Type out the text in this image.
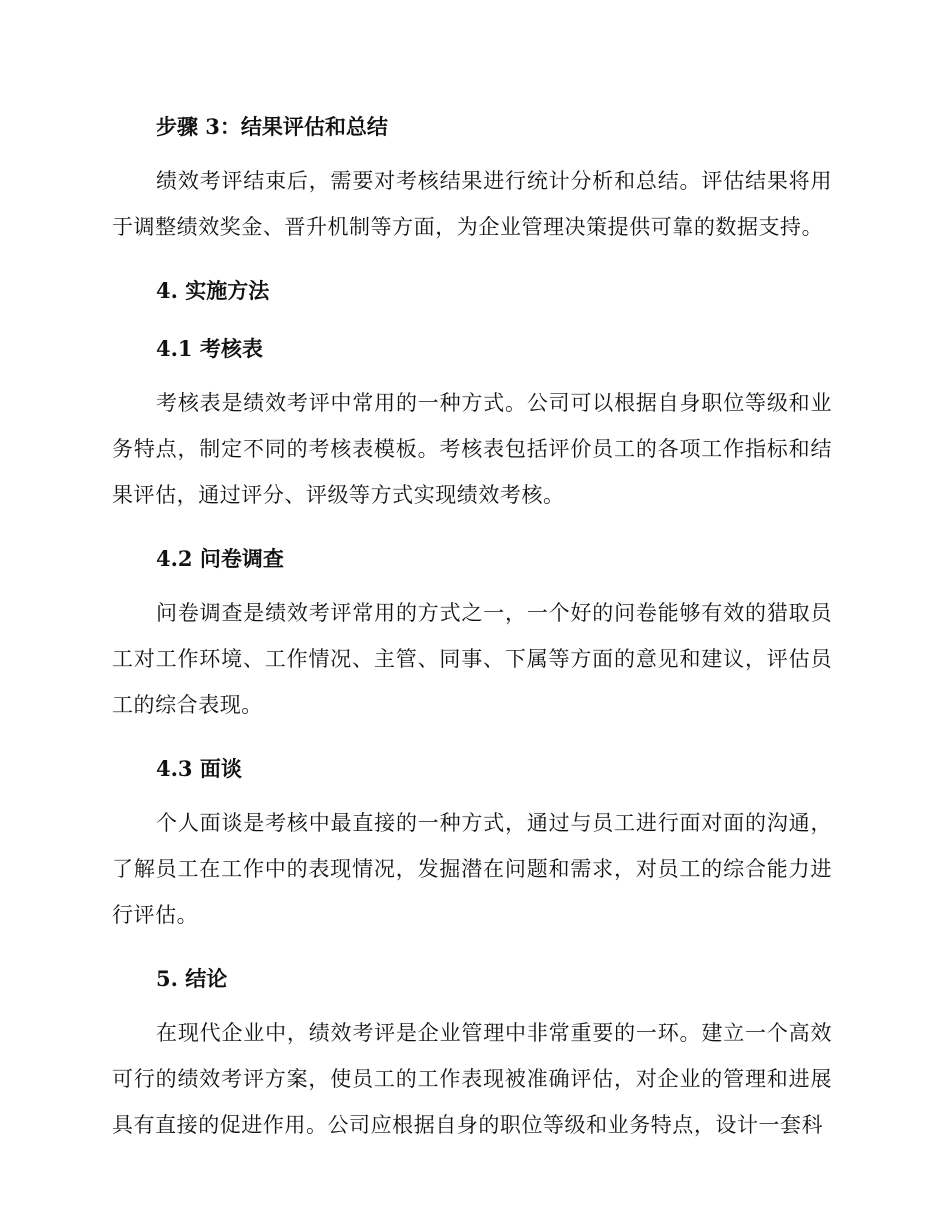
步骤 3：结果评估和总结

绩效考评结束后，需要对考核结果进行统计分析和总结。评估结果将用于调整绩效奖金、晋升机制等方面，为企业管理决策提供可靠的数据支持。

4. 实施方法

4.1 考核表

考核表是绩效考评中常用的一种方式。公司可以根据自身职位等级和业务特点，制定不同的考核表模板。考核表包括评价员工的各项工作指标和结果评估，通过评分、评级等方式实现绩效考核。

4.2 问卷调查

问卷调查是绩效考评常用的方式之一，一个好的问卷能够有效的猎取员工对工作环境、工作情况、主管、同事、下属等方面的意见和建议，评估员工的综合表现。

4.3 面谈

个人面谈是考核中最直接的一种方式，通过与员工进行面对面的沟通，了解员工在工作中的表现情况，发掘潜在问题和需求，对员工的综合能力进行评估。

5. 结论

在现代企业中，绩效考评是企业管理中非常重要的一环。建立一个高效可行的绩效考评方案，使员工的工作表现被准确评估，对企业的管理和进展具有直接的促进作用。公司应根据自身的职位等级和业务特点，设计一套科
